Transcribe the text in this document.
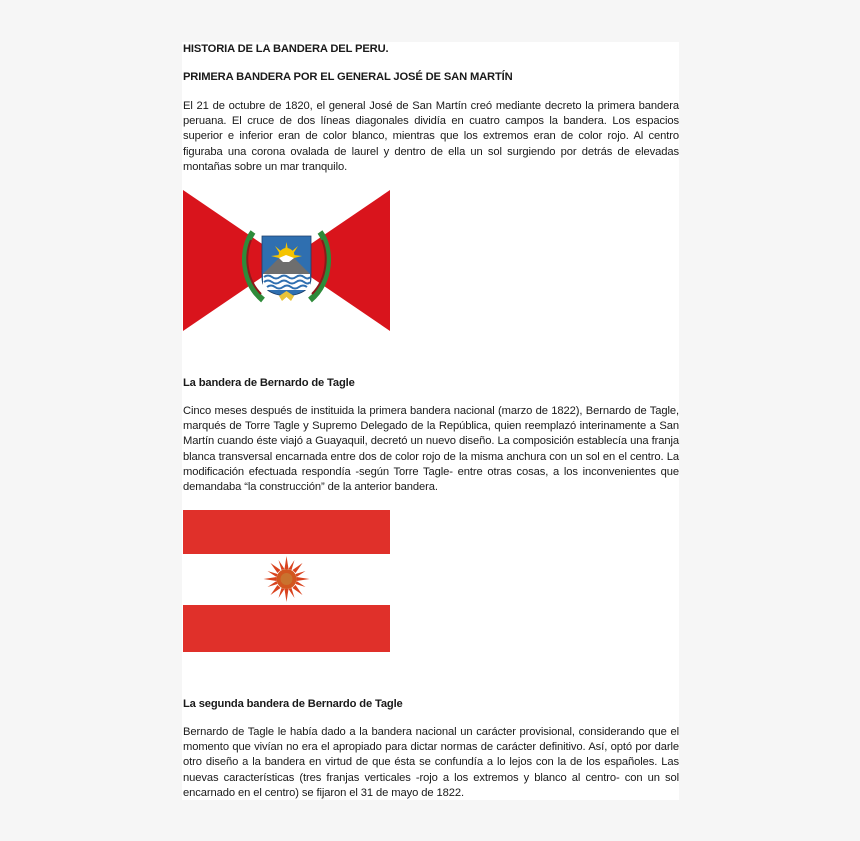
HISTORIA DE LA BANDERA DEL PERU.
PRIMERA BANDERA POR EL GENERAL JOSÉ DE SAN MARTÍN

El 21 de octubre de 1820, el general José de San Martín creó mediante decreto la primera bandera peruana. El cruce de dos líneas diagonales dividía en cuatro campos la bandera. Los espacios superior e inferior eran de color blanco, mientras que los extremos eran de color rojo. Al centro figuraba una corona ovalada de laurel y dentro de ella un sol surgiendo por detrás de elevadas montañas sobre un mar tranquilo.

La bandera de Bernardo de Tagle

Cinco meses después de instituida la primera bandera nacional (marzo de 1822), Bernardo de Tagle, marqués de Torre Tagle y Supremo Delegado de la República, quien reemplazó interinamente a San Martín cuando éste viajó a Guayaquil, decretó un nuevo diseño. La composición establecía una franja blanca transversal encarnada entre dos de color rojo de la misma anchura con un sol en el centro. La modificación efectuada respondía -según Torre Tagle- entre otras cosas, a los inconvenientes que demandaba “la construcción” de la anterior bandera.

La segunda bandera de Bernardo de Tagle

Bernardo de Tagle le había dado a la bandera nacional un carácter provisional, considerando que el momento que vivían no era el apropiado para dictar normas de carácter definitivo. Así, optó por darle otro diseño a la bandera en virtud de que ésta se confundía a lo lejos con la de los españoles. Las nuevas características (tres franjas verticales -rojo a los extremos y blanco al centro- con un sol encarnado en el centro) se fijaron el 31 de mayo de 1822.
